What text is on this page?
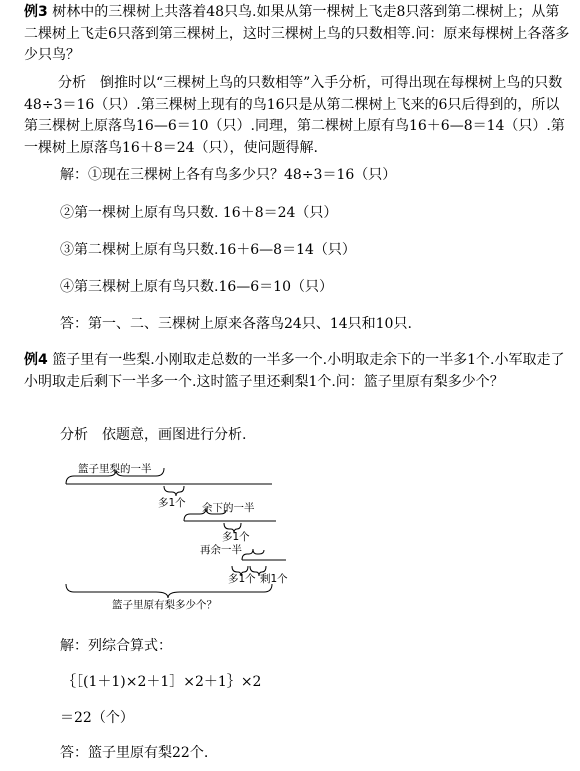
例3 树林中的三棵树上共落着48只鸟.如果从第一棵树上飞走8只落到第二棵树上；从第二棵树上飞走6只落到第三棵树上，这时三棵树上鸟的只数相等.问：原来每棵树上各落多少只鸟？

分析　倒推时以“三棵树上鸟的只数相等”入手分析，可得出现在每棵树上鸟的只数48÷3＝16（只）.第三棵树上现有的鸟16只是从第二棵树上飞来的6只后得到的，所以第三棵树上原落鸟16—6＝10（只）.同理，第二棵树上原有鸟16＋6—8＝14（只）.第一棵树上原落鸟16＋8＝24（只），使问题得解.

解：①现在三棵树上各有鸟多少只？48÷3＝16（只）

②第一棵树上原有鸟只数. 16＋8＝24（只）

③第二棵树上原有鸟只数.16＋6—8＝14（只）

④第三棵树上原有鸟只数.16—6＝10（只）

答：第一、二、三棵树上原来各落鸟24只、14只和10只.

例4 篮子里有一些梨.小刚取走总数的一半多一个.小明取走余下的一半多1个.小军取走了小明取走后剩下一半多一个.这时篮子里还剩梨1个.问：篮子里原有梨多少个？

分析　依题意，画图进行分析.

篮子里梨的一半
多1个 余下的一半
多1个
再余一半
多1个 剩1个
篮子里原有梨多少个？

解：列综合算式：

｛［(1＋1)×2＋1］×2＋1｝×2

＝22（个）

答：篮子里原有梨22个.
